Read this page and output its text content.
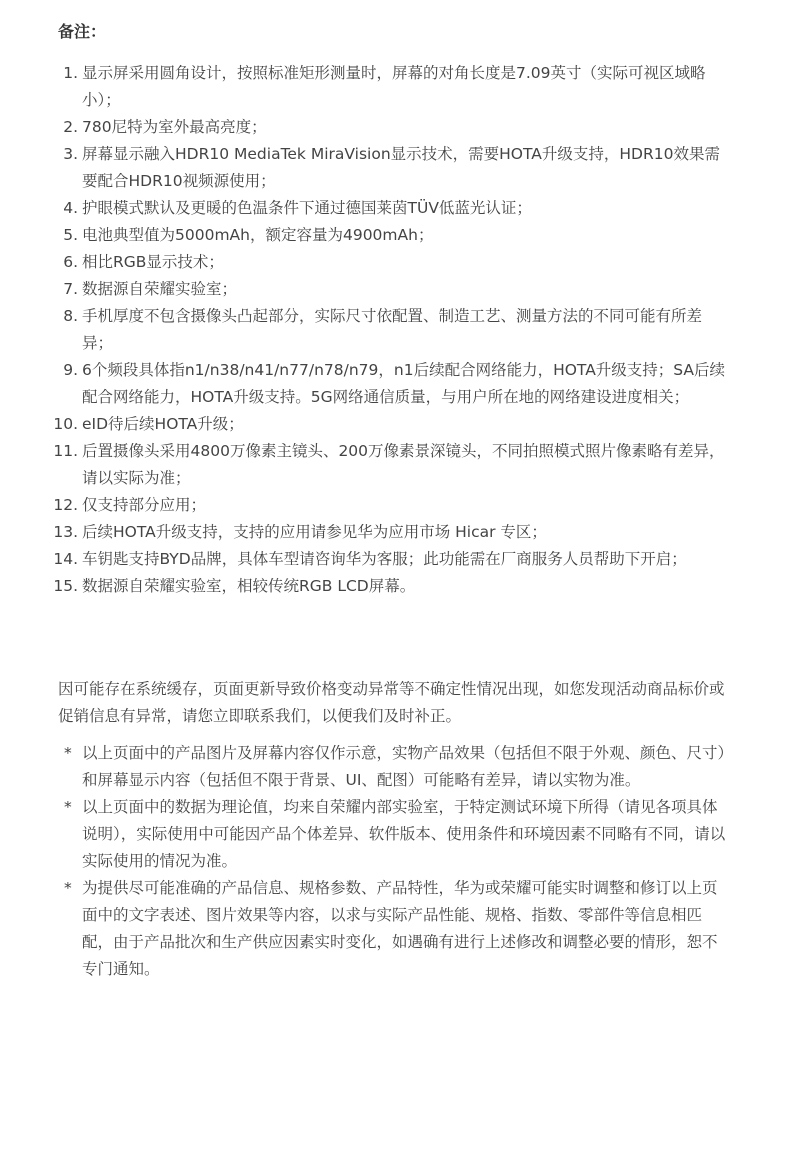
备注：
1. 显示屏采用圆角设计，按照标准矩形测量时，屏幕的对角长度是7.09英寸（实际可视区域略小）；
2. 780尼特为室外最高亮度；
3. 屏幕显示融入HDR10 MediaTek MiraVision显示技术，需要HOTA升级支持，HDR10效果需要配合HDR10视频源使用；
4. 护眼模式默认及更暖的色温条件下通过德国莱茵TÜV低蓝光认证；
5. 电池典型值为5000mAh，额定容量为4900mAh；
6. 相比RGB显示技术；
7. 数据源自荣耀实验室；
8. 手机厚度不包含摄像头凸起部分，实际尺寸依配置、制造工艺、测量方法的不同可能有所差异；
9. 6个频段具体指n1/n38/n41/n77/n78/n79，n1后续配合网络能力，HOTA升级支持；SA后续配合网络能力，HOTA升级支持。5G网络通信质量，与用户所在地的网络建设进度相关；
10. eID待后续HOTA升级；
11. 后置摄像头采用4800万像素主镜头、200万像素景深镜头，不同拍照模式照片像素略有差异，请以实际为准；
12. 仅支持部分应用；
13. 后续HOTA升级支持，支持的应用请参见华为应用市场 Hicar 专区；
14. 车钥匙支持BYD品牌，具体车型请咨询华为客服；此功能需在厂商服务人员帮助下开启；
15. 数据源自荣耀实验室，相较传统RGB LCD屏幕。

因可能存在系统缓存，页面更新导致价格变动异常等不确定性情况出现，如您发现活动商品标价或促销信息有异常，请您立即联系我们，以便我们及时补正。

* 以上页面中的产品图片及屏幕内容仅作示意，实物产品效果（包括但不限于外观、颜色、尺寸）和屏幕显示内容（包括但不限于背景、UI、配图）可能略有差异，请以实物为准。
* 以上页面中的数据为理论值，均来自荣耀内部实验室，于特定测试环境下所得（请见各项具体说明），实际使用中可能因产品个体差异、软件版本、使用条件和环境因素不同略有不同，请以实际使用的情况为准。
* 为提供尽可能准确的产品信息、规格参数、产品特性，华为或荣耀可能实时调整和修订以上页面中的文字表述、图片效果等内容，以求与实际产品性能、规格、指数、零部件等信息相匹配，由于产品批次和生产供应因素实时变化，如遇确有进行上述修改和调整必要的情形，恕不专门通知。
